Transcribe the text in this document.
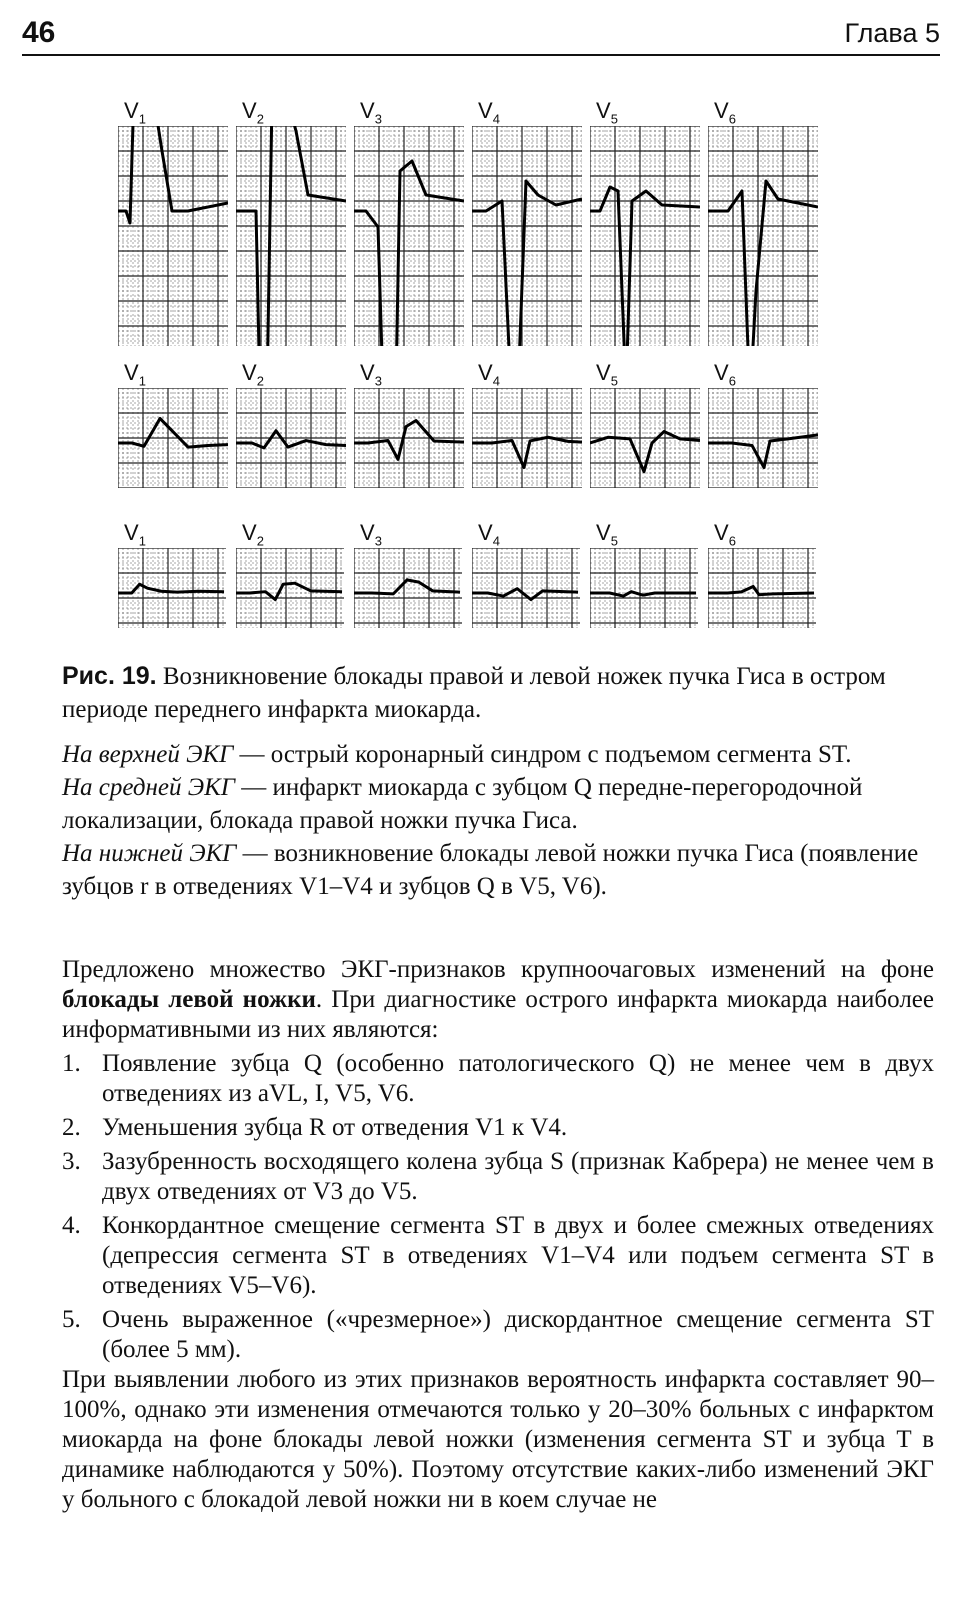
46	Глава 5
$V_1$	$V_2$	$V_3$	$V_4$	$V_5$	$V_6$
$V_1$	$V_2$	$V_3$	$V_4$	$V_5$	$V_6$
$V_1$	$V_2$	$V_3$	$V_4$	$V_5$	$V_6$

Рис. 19. Возникновение блокады правой и левой ножек пучка Гиса в остром периоде переднего инфаркта миокарда.

На верхней ЭКГ — острый коронарный синдром с подъемом сегмента ST.

На средней ЭКГ — инфаркт миокарда с зубцом Q передне-перегородочной локализации, блокада правой ножки пучка Гиса.

На нижней ЭКГ — возникновение блокады левой ножки пучка Гиса (появление зубцов r в отведениях V1–V4 и зубцов Q в V5, V6).

Предложено множество ЭКГ-признаков крупноочаговых изменений на фоне блокады левой ножки. При диагностике острого инфаркта миокарда наиболее информативными из них являются:

1. Появление зубца Q (особенно патологического Q) не менее чем в двух отведениях из aVL, I, V5, V6.
2. Уменьшения зубца R от отведения V1 к V4.
3. Зазубренность восходящего колена зубца S (признак Кабрера) не менее чем в двух отведениях от V3 до V5.
4. Конкордантное смещение сегмента ST в двух и более смежных отведениях (депрессия сегмента ST в отведениях V1–V4 или подъем сегмента ST в отведениях V5–V6).
5. Очень выраженное («чрезмерное») дискордантное смещение сегмента ST (более 5 мм).

При выявлении любого из этих признаков вероятность инфаркта составляет 90–100%, однако эти изменения отмечаются только у 20–30% больных с инфарктом миокарда на фоне блокады левой ножки (изменения сегмента ST и зубца T в динамике наблюдаются у 50%). Поэтому отсутствие каких-либо изменений ЭКГ у больного с блокадой левой ножки ни в коем случае не
